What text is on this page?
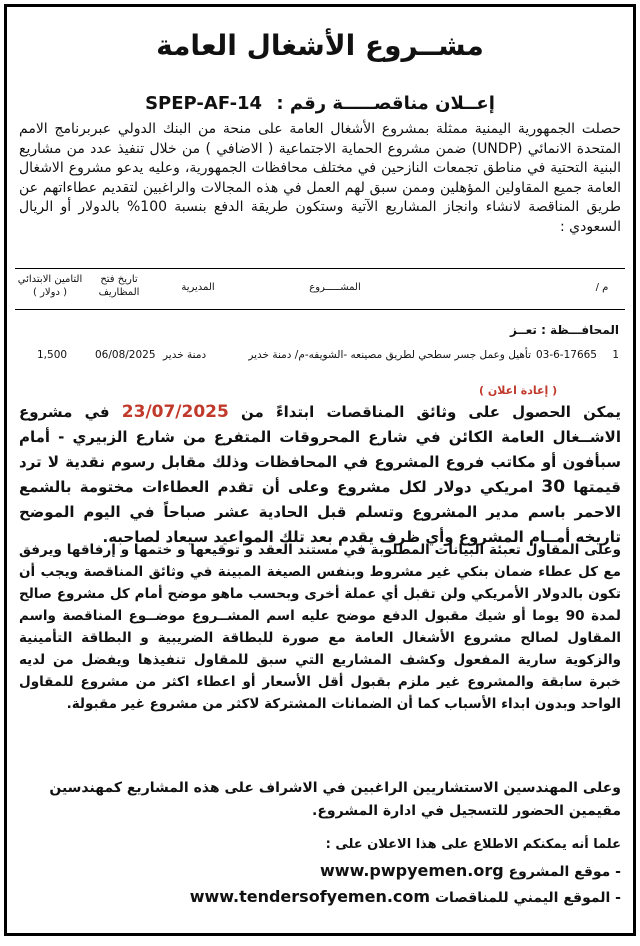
مشــروع الأشغال العامة
إعــلان مناقصـــــة رقم : SPEP-AF-14
حصلت الجمهورية اليمنية ممثلة بمشروع الأشغال العامة على منحة من البنك الدولي عبربرنامج الامم المتحدة الانمائي (UNDP) ضمن مشروع الحماية الاجتماعية ( الاضافي ) من خلال تنفيذ عدد من مشاريع البنية التحتية في مناطق تجمعات النازحين في مختلف محافظات الجمهورية، وعليه يدعو مشروع الاشغال العامة جميع المقاولين المؤهلين وممن سبق لهم العمل في هذه المجالات والراغبين لتقديم عطاءاتهم عن طريق المناقصة لانشاء وانجاز المشاريع الآتية وستكون طريقة الدفع بنسبة 100% بالدولار أو الريال السعودي :
م /
المشـــــروع
المديرية
تاريخ فتح المظاريف
التامين الابتدائي ( دولار )
المحافـــظة : تعــز
1
03-6-17665
تأهيل وعمل جسر سطحي لطريق مصينعه -الشويفه-م/ دمنة خدير
دمنة خدير
06/08/2025
1,500
( إعادة اعلان )
يمكن الحصول على وثائق المناقصات ابتداءً من 23/07/2025 في مشروع الاشــغال العامة الكائن في شارع المحروقات المتفرع من شارع الزبيري - أمام سبأفون أو مكاتب فروع المشروع في المحافظات وذلك مقابل رسوم نقدية لا ترد قيمتها 30 امريكي دولار لكل مشروع وعلى أن تقدم العطاءات مختومة بالشمع الاحمر باسم مدير المشروع وتسلم قبل الحادية عشر صباحاً في اليوم الموضح تاريخه أمــام المشروع وأي ظرف يقدم بعد تلك المواعيد سيعاد لصاحبه.
وعلى المقاول تعبئة البيانات المطلوبة في مستند العقد و توقيعها و ختمها و إرفاقها ويرفق مع كل عطاء ضمان بنكي غير مشروط وبنفس الصيغة المبينة في وثائق المناقصة ويجب أن تكون بالدولار الأمريكي ولن تقبل أي عملة أخرى وبحسب ماهو موضح أمام كل مشروع صالح لمدة 90 يوما أو شيك مقبول الدفع موضح عليه اسم المشــروع موضــوع المناقصة واسم المقاول لصالح مشروع الأشغال العامة مع صورة للبطاقة الضريبية و البطاقة التأمينية والزكوية سارية المفعول وكشف المشاريع التي سبق للمقاول تنفيذها ويفضل من لديه خبرة سابقة والمشروع غير ملزم بقبول أقل الأسعار أو اعطاء اكثر من مشروع للمقاول الواحد وبدون ابداء الأسباب كما أن الضمانات المشتركة لاكثر من مشروع غير مقبولة.
وعلى المهندسين الاستشاريين الراغبين في الاشراف على هذه المشاريع كمهندسين مقيمين الحضور للتسجيل في ادارة المشروع.
علما أنه يمكنكم الاطلاع على هذا الاعلان على :
- موقع المشروع www.pwpyemen.org
- الموقع اليمني للمناقصات www.tendersofyemen.com
